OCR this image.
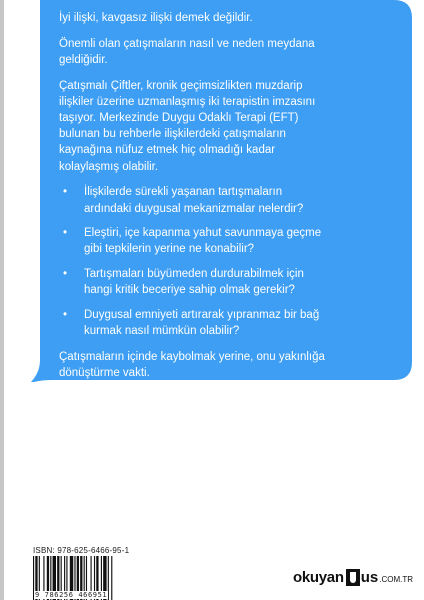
İyi ilişki, kavgasız ilişki demek değildir.

Önemli olan çatışmaların nasıl ve neden meydana geldiğidir.

Çatışmalı Çiftler, kronik geçimsizlikten muzdarip ilişkiler üzerine uzmanlaşmış iki terapistin imzasını taşıyor. Merkezinde Duygu Odaklı Terapi (EFT) bulunan bu rehberle ilişkilerdeki çatışmaların kaynağına nüfuz etmek hiç olmadığı kadar kolaylaşmış olabilir.

• İlişkilerde sürekli yaşanan tartışmaların ardındaki duygusal mekanizmalar nelerdir?
• Eleştiri, içe kapanma yahut savunmaya geçme gibi tepkilerin yerine ne konabilir?
• Tartışmaları büyümeden durdurabilmek için hangi kritik beceriye sahip olmak gerekir?
• Duygusal emniyeti artırarak yıpranmaz bir bağ kurmak nasıl mümkün olabilir?

Çatışmaların içinde kaybolmak yerine, onu yakınlığa dönüştürme vakti.

ISBN: 978-625-6466-95-1
9 786256 466951
okuyan us .COM.TR
